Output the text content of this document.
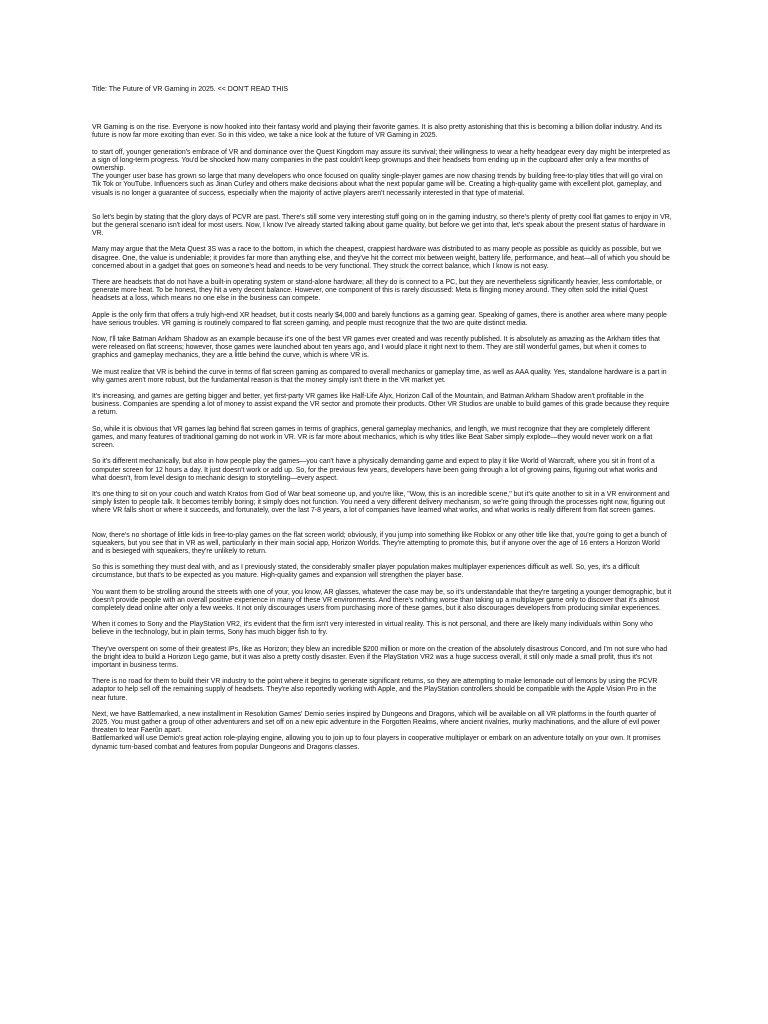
Title: The Future of VR Gaming in 2025. << DON'T READ THIS

VR Gaming is on the rise. Everyone is now hooked into their fantasy world and playing their favorite games. It is also pretty astonishing that this is becoming a billion dollar industry. And its future is now far more exciting than ever. So in this video, we take a nice look at the future of VR Gaming in 2025.

to start off, younger generation's embrace of VR and dominance over the Quest Kingdom may assure its survival; their willingness to wear a hefty headgear every day might be interpreted as a sign of long-term progress. You'd be shocked how many companies in the past couldn't keep grownups and their headsets from ending up in the cupboard after only a few months of ownership.
The younger user base has grown so large that many developers who once focused on quality single-player games are now chasing trends by building free-to-play titles that will go viral on Tik Tok or YouTube. Influencers such as Jinan Curley and others make decisions about what the next popular game will be. Creating a high-quality game with excellent plot, gameplay, and visuals is no longer a guarantee of success, especially when the majority of active players aren't necessarily interested in that type of material.

So let's begin by stating that the glory days of PCVR are past. There's still some very interesting stuff going on in the gaming industry, so there's plenty of pretty cool flat games to enjoy in VR, but the general scenario isn't ideal for most users. Now, I know I've already started talking about game quality, but before we get into that, let's speak about the present status of hardware in VR.

Many may argue that the Meta Quest 3S was a race to the bottom, in which the cheapest, crappiest hardware was distributed to as many people as possible as quickly as possible, but we disagree. One, the value is undeniable; it provides far more than anything else, and they've hit the correct mix between weight, battery life, performance, and heat—all of which you should be concerned about in a gadget that goes on someone's head and needs to be very functional. They struck the correct balance, which I know is not easy.

There are headsets that do not have a built-in operating system or stand-alone hardware; all they do is connect to a PC, but they are nevertheless significantly heavier, less comfortable, or generate more heat. To be honest, they hit a very decent balance. However, one component of this is rarely discussed: Meta is flinging money around. They often sold the initial Quest headsets at a loss, which means no one else in the business can compete.

Apple is the only firm that offers a truly high-end XR headset, but it costs nearly $4,000 and barely functions as a gaming gear. Speaking of games, there is another area where many people have serious troubles. VR gaming is routinely compared to flat screen gaming, and people must recognize that the two are quite distinct media.

Now, I'll take Batman Arkham Shadow as an example because it's one of the best VR games ever created and was recently published. It is absolutely as amazing as the Arkham titles that were released on flat screens; however, those games were launched about ten years ago, and I would place it right next to them. They are still wonderful games, but when it comes to graphics and gameplay mechanics, they are a little behind the curve, which is where VR is.

We must realize that VR is behind the curve in terms of flat screen gaming as compared to overall mechanics or gameplay time, as well as AAA quality. Yes, standalone hardware is a part in why games aren't more robust, but the fundamental reason is that the money simply isn't there in the VR market yet.

It's increasing, and games are getting bigger and better, yet first-party VR games like Half-Life Alyx, Horizon Call of the Mountain, and Batman Arkham Shadow aren't profitable in the business. Companies are spending a lot of money to assist expand the VR sector and promote their products. Other VR Studios are unable to build games of this grade because they require a return.

So, while it is obvious that VR games lag behind flat screen games in terms of graphics, general gameplay mechanics, and length, we must recognize that they are completely different games, and many features of traditional gaming do not work in VR. VR is far more about mechanics, which is why titles like Beat Saber simply explode—they would never work on a flat screen.

So it's different mechanically, but also in how people play the games—you can't have a physically demanding game and expect to play it like World of Warcraft, where you sit in front of a computer screen for 12 hours a day. It just doesn't work or add up. So, for the previous few years, developers have been going through a lot of growing pains, figuring out what works and what doesn't, from level design to mechanic design to storytelling—every aspect.

It's one thing to sit on your couch and watch Kratos from God of War beat someone up, and you're like, "Wow, this is an incredible scene," but it's quite another to sit in a VR environment and simply listen to people talk. It becomes terribly boring; it simply does not function. You need a very different delivery mechanism, so we're going through the processes right now, figuring out where VR falls short or where it succeeds, and fortunately, over the last 7-8 years, a lot of companies have learned what works, and what works is really different from flat screen games.

Now, there's no shortage of little kids in free-to-play games on the flat screen world; obviously, if you jump into something like Roblox or any other title like that, you're going to get a bunch of squeakers, but you see that in VR as well, particularly in their main social app, Horizon Worlds. They're attempting to promote this, but if anyone over the age of 16 enters a Horizon World and is besieged with squeakers, they're unlikely to return.

So this is something they must deal with, and as I previously stated, the considerably smaller player population makes multiplayer experiences difficult as well. So, yes, it's a difficult circumstance, but that's to be expected as you mature. High-quality games and expansion will strengthen the player base.

You want them to be strolling around the streets with one of your, you know, AR glasses, whatever the case may be, so it's understandable that they're targeting a younger demographic, but it doesn't provide people with an overall positive experience in many of these VR environments. And there's nothing worse than taking up a multiplayer game only to discover that it's almost completely dead online after only a few weeks. It not only discourages users from purchasing more of these games, but it also discourages developers from producing similar experiences.

When it comes to Sony and the PlayStation VR2, it's evident that the firm isn't very interested in virtual reality. This is not personal, and there are likely many individuals within Sony who believe in the technology, but in plain terms, Sony has much bigger fish to fry.

They've overspent on some of their greatest IPs, like as Horizon; they blew an incredible $200 million or more on the creation of the absolutely disastrous Concord, and I'm not sure who had the bright idea to build a Horizon Lego game, but it was also a pretty costly disaster. Even if the PlayStation VR2 was a huge success overall, it still only made a small profit, thus it's not important in business terms.

There is no road for them to build their VR industry to the point where it begins to generate significant returns, so they are attempting to make lemonade out of lemons by using the PCVR adaptor to help sell off the remaining supply of headsets. They're also reportedly working with Apple, and the PlayStation controllers should be compatible with the Apple Vision Pro in the near future.

Next, we have Battlemarked, a new installment in Resolution Games' Demio series inspired by Dungeons and Dragons, which will be available on all VR platforms in the fourth quarter of 2025. You must gather a group of other adventurers and set off on a new epic adventure in the Forgotten Realms, where ancient rivalries, murky machinations, and the allure of evil power threaten to tear Faerûn apart.
Battlemarked will use Demio's great action role-playing engine, allowing you to join up to four players in cooperative multiplayer or embark on an adventure totally on your own. It promises dynamic turn-based combat and features from popular Dungeons and Dragons classes.
